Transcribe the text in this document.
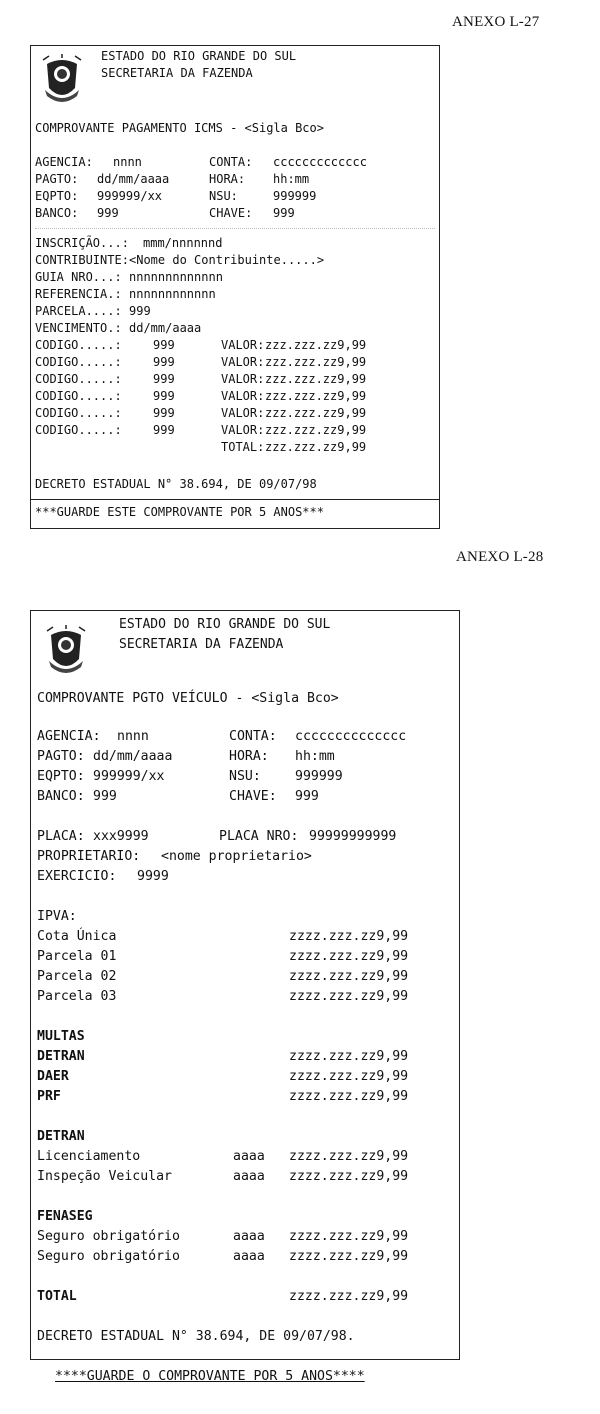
ANEXO L-27
ESTADO DO RIO GRANDE DO SUL
SECRETARIA DA FAZENDA
COMPROVANTE PAGAMENTO ICMS - <Sigla Bco>
AGENCIA: nnnn	CONTA: ccccccccccccc
PAGTO: dd/mm/aaaa	HORA: hh:mm
EQPTO: 999999/xx	NSU:	999999
BANCO: 999	CHAVE: 999
INSCRIÇÃO...: mmm/nnnnnnd
CONTRIBUINTE: <Nome do Contribuinte.....>
GUIA NRO...: nnnnnnnnnnnnn
REFERENCIA.: nnnnnnnnnnnn
PARCELA....: 999
VENCIMENTO.: dd/mm/aaaa
CODIGO.....:	999	VALOR: zzz.zzz.zz9,99
CODIGO.....:	999	VALOR: zzz.zzz.zz9,99
CODIGO.....:	999	VALOR: zzz.zzz.zz9,99
CODIGO.....:	999	VALOR: zzz.zzz.zz9,99
CODIGO.....:	999	VALOR: zzz.zzz.zz9,99
CODIGO.....:	999	VALOR: zzz.zzz.zz9,99
TOTAL: zzz.zzz.zz9,99
DECRETO ESTADUAL N° 38.694, DE 09/07/98
***GUARDE ESTE COMPROVANTE POR 5 ANOS***
ANEXO L-28
ESTADO DO RIO GRANDE DO SUL
SECRETARIA DA FAZENDA
COMPROVANTE PGTO VEÍCULO - <Sigla Bco>
AGENCIA: nnnn	CONTA: cccccccccccccc
PAGTO: dd/mm/aaaa	HORA: hh:mm
EQPTO: 999999/xx	NSU:	999999
BANCO: 999	CHAVE: 999
PLACA: xxx9999	PLACA NRO: 99999999999
PROPRIETARIO: <nome proprietario>
EXERCICIO: 9999
IPVA:
Cota Única	zzzz.zzz.zz9,99
Parcela 01	zzzz.zzz.zz9,99
Parcela 02	zzzz.zzz.zz9,99
Parcela 03	zzzz.zzz.zz9,99
MULTAS
DETRAN	zzzz.zzz.zz9,99
DAER	zzzz.zzz.zz9,99
PRF	zzzz.zzz.zz9,99
DETRAN
Licenciamento	aaaa zzzz.zzz.zz9,99
Inspeção Veicular	aaaa zzzz.zzz.zz9,99
FENASEG
Seguro obrigatório	aaaa zzzz.zzz.zz9,99
Seguro obrigatório	aaaa zzzz.zzz.zz9,99
TOTAL	zzzz.zzz.zz9,99
DECRETO ESTADUAL N° 38.694, DE 09/07/98.
****GUARDE O COMPROVANTE POR 5 ANOS****
